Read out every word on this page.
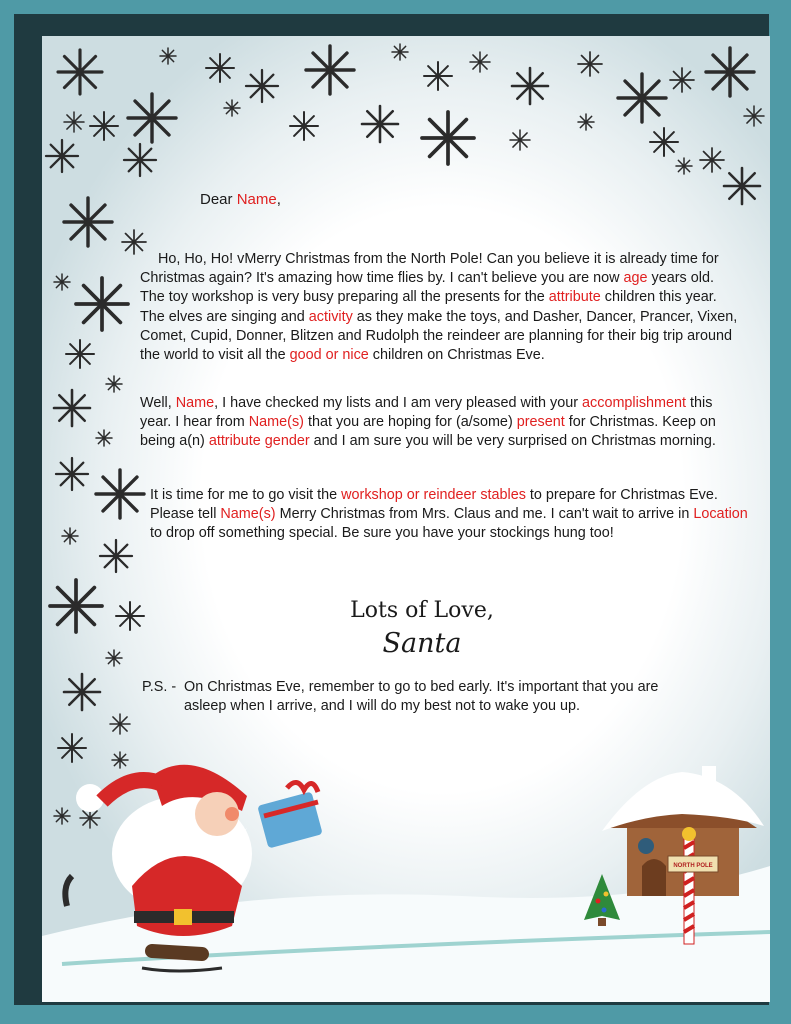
Dear Name,

Ho, Ho, Ho! vMerry Christmas from the North Pole! Can you believe it is already time for Christmas again? It's amazing how time flies by. I can't believe you are now age years old. The toy workshop is very busy preparing all the presents for the attribute children this year. The elves are singing and activity as they make the toys, and Dasher, Dancer, Prancer, Vixen, Comet, Cupid, Donner, Blitzen and Rudolph the reindeer are planning for their big trip around the world to visit all the good or nice children on Christmas Eve.

Well, Name, I have checked my lists and I am very pleased with your accomplishment this year. I hear from Name(s) that you are hoping for (a/some) present for Christmas. Keep on being a(n) attribute gender and I am sure you will be very surprised on Christmas morning.

It is time for me to go visit the workshop or reindeer stables to prepare for Christmas Eve. Please tell Name(s) Merry Christmas from Mrs. Claus and me. I can't wait to arrive in Location to drop off something special. Be sure you have your stockings hung too!

Lots of Love,
Santa
P.S. - On Christmas Eve, remember to go to bed early. It's important that you are asleep when I arrive, and I will do my best not to wake you up.
NORTH POLE
